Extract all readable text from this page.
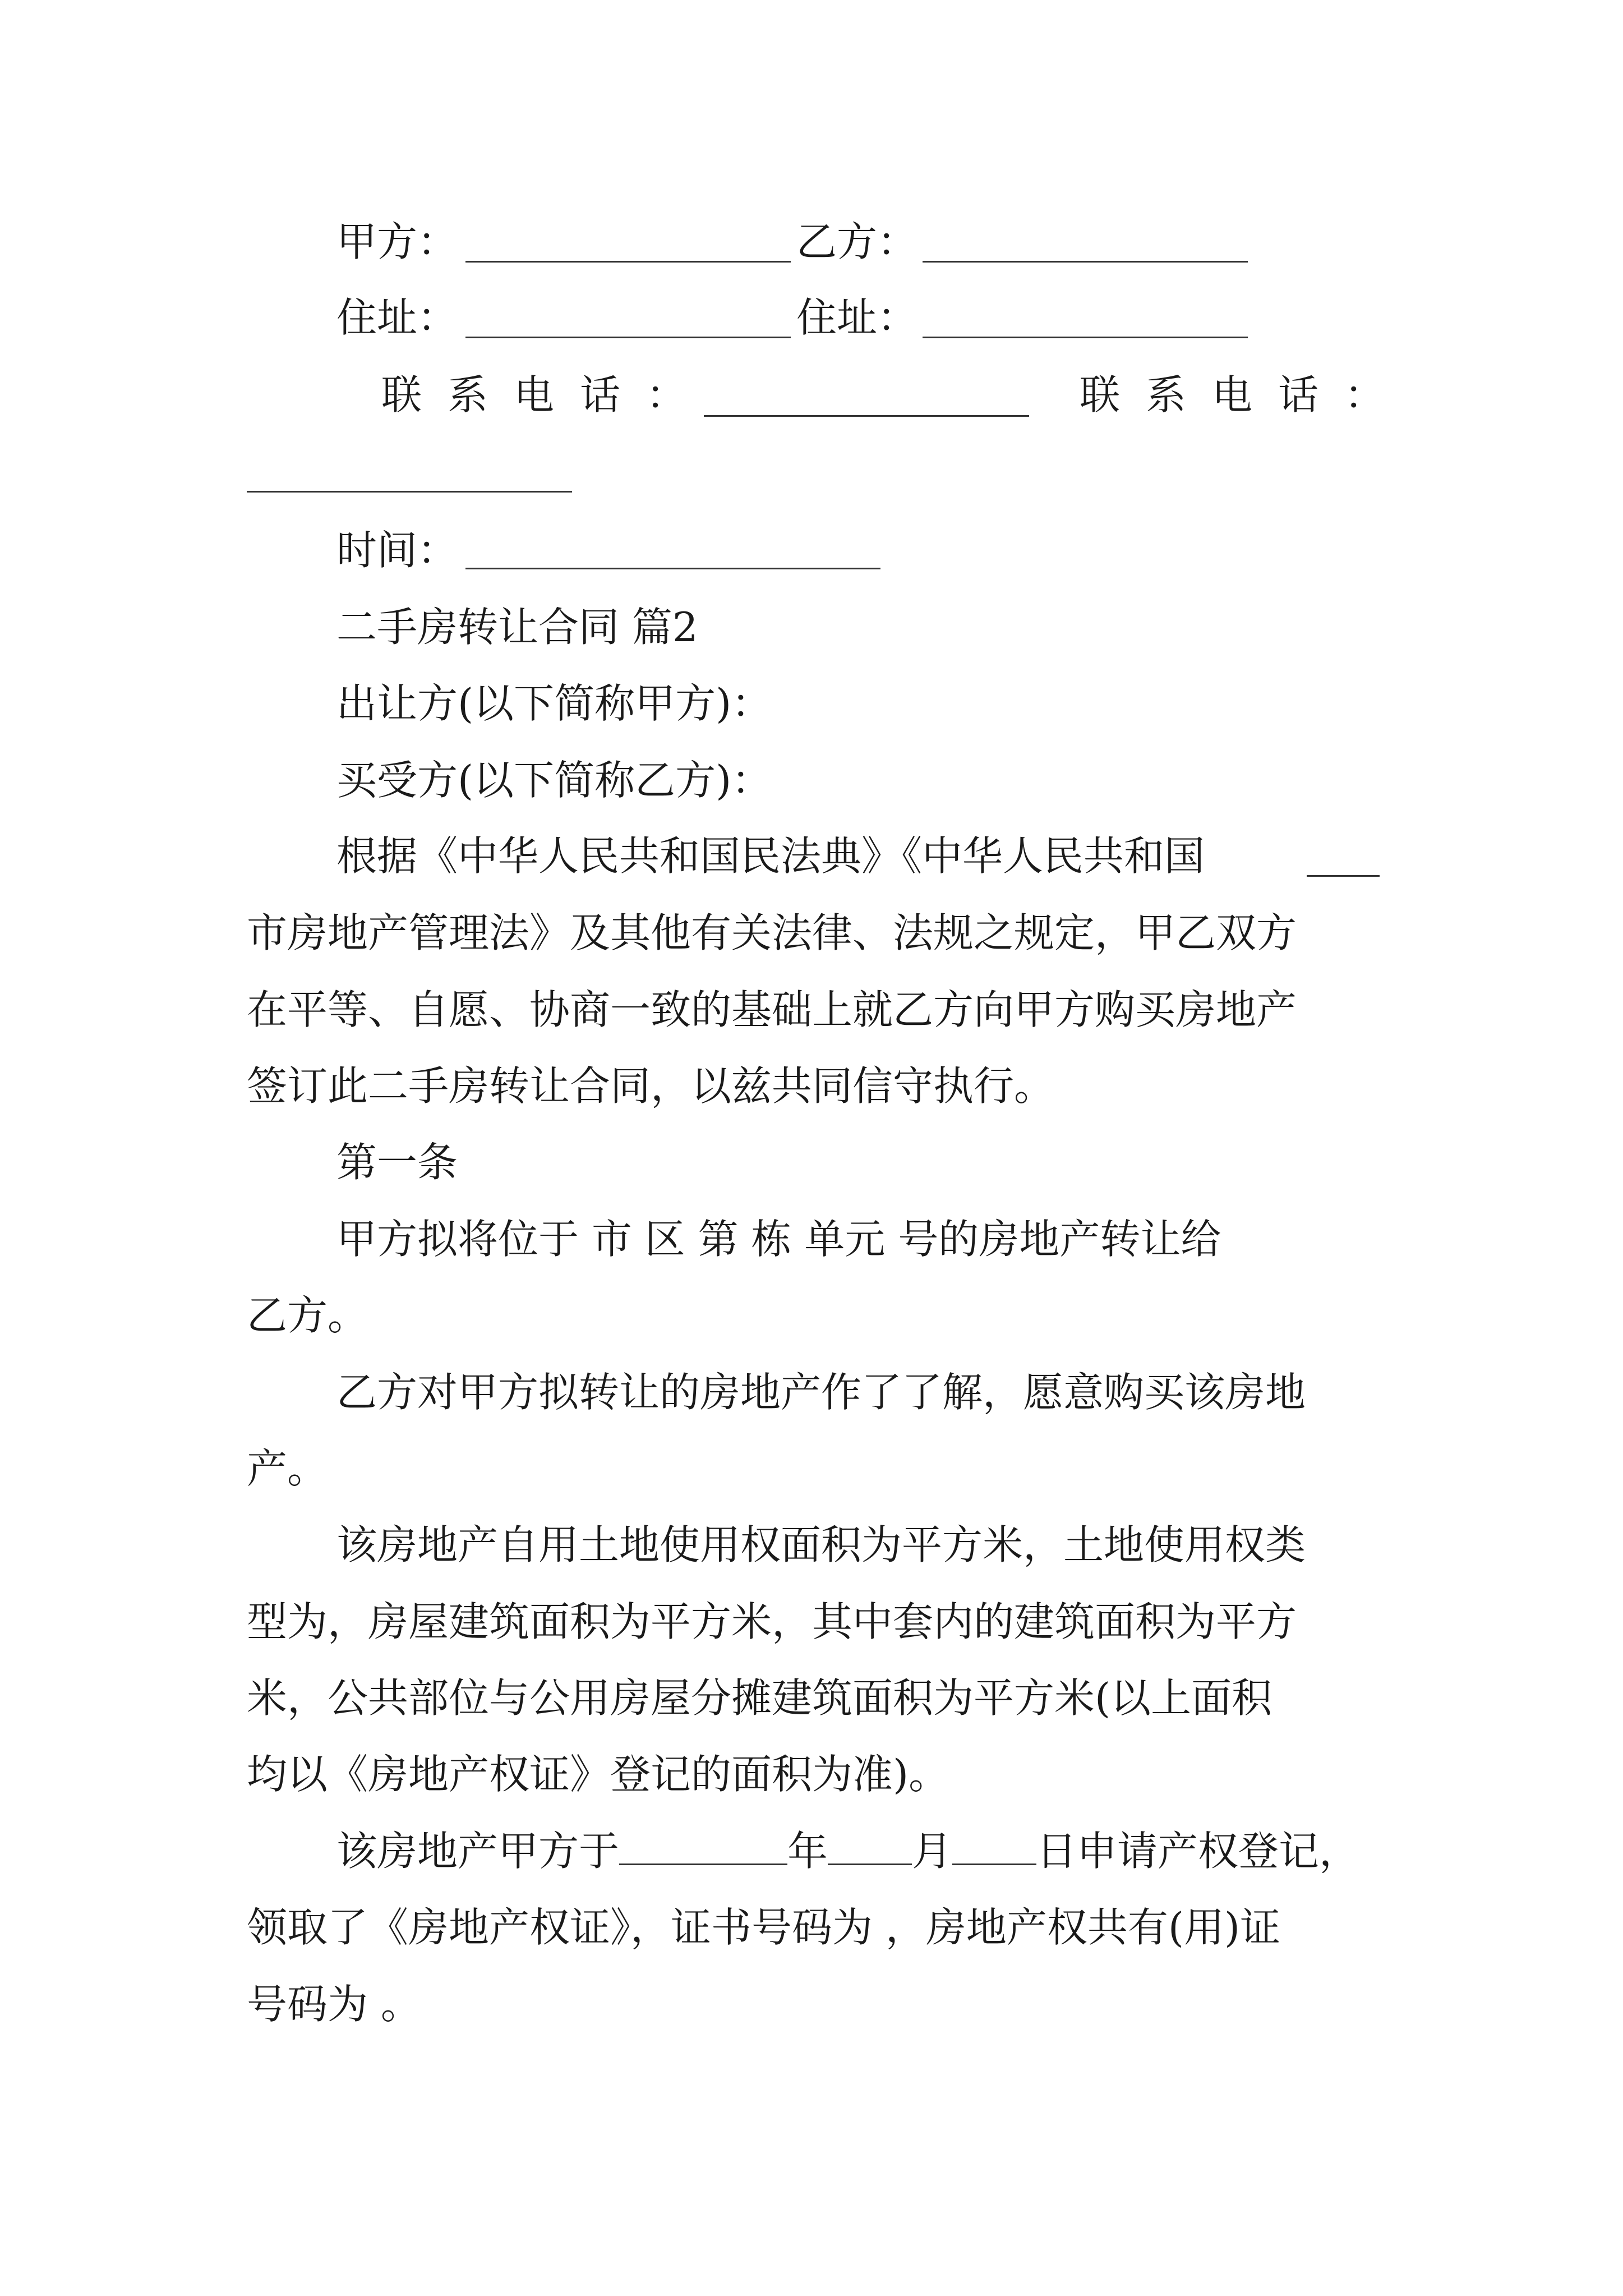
甲方：	乙方：
住址：	住址：
联系电话：	联系电话：
时间：
二手房转让合同 篇2
出让方(以下简称甲方)：
买受方(以下简称乙方)：
根据《中华人民共和国民法典》《中华人民共和国
市房地产管理法》及其他有关法律、法规之规定，甲乙双方
在平等、自愿、协商一致的基础上就乙方向甲方购买房地产
签订此二手房转让合同，以兹共同信守执行。
第一条
甲方拟将位于 市 区 第 栋 单元 号的房地产转让给
乙方。
乙方对甲方拟转让的房地产作了了解，愿意购买该房地
产。
该房地产自用土地使用权面积为平方米，土地使用权类
型为，房屋建筑面积为平方米，其中套内的建筑面积为平方
米，公共部位与公用房屋分摊建筑面积为平方米(以上面积
均以《房地产权证》登记的面积为准)。
该房地产甲方于	年 月 日申请产权登记，
领取了《房地产权证》，证书号码为 ，房地产权共有(用)证
号码为 。
